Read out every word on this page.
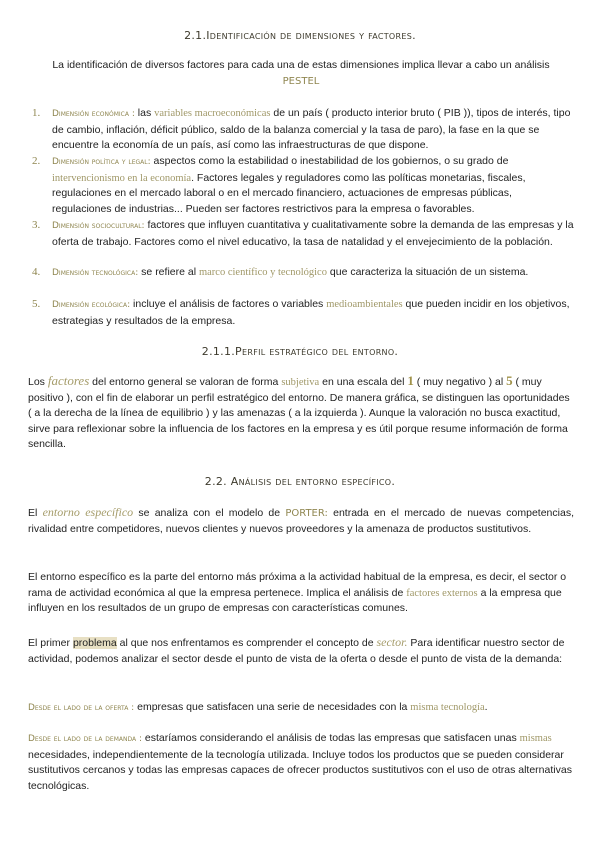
2.1.Identificación de dimensiones y factores.
La identificación de diversos factores para cada una de estas dimensiones implica llevar a cabo un análisis
PESTEL
1. Dimensión económica : las variables macroeconómicas de un país ( producto interior bruto ( PIB )), tipos de interés, tipo de cambio, inflación, déficit público, saldo de la balanza comercial y la tasa de paro), la fase en la que se encuentre la economía de un país, así como las infraestructuras de que dispone.
2. Dimensión política y legal: aspectos como la estabilidad o inestabilidad de los gobiernos, o su grado de intervencionismo en la economía. Factores legales y reguladores como las políticas monetarias, fiscales, regulaciones en el mercado laboral o en el mercado financiero, actuaciones de empresas públicas, regulaciones de industrias... Pueden ser factores restrictivos para la empresa o favorables.
3. Dimensión sociocultural: factores que influyen cuantitativa y cualitativamente sobre la demanda de las empresas y la oferta de trabajo. Factores como el nivel educativo, la tasa de natalidad y el envejecimiento de la población.
4. Dimensión tecnológica: se refiere al marco científico y tecnológico que caracteriza la situación de un sistema.
5. Dimensión ecológica: incluye el análisis de factores o variables medioambientales que pueden incidir en los objetivos, estrategias y resultados de la empresa.
2.1.1.Perfil estratégico del entorno.
Los factores del entorno general se valoran de forma subjetiva en una escala del 1 ( muy negativo ) al 5 ( muy positivo ), con el fin de elaborar un perfil estratégico del entorno. De manera gráfica, se distinguen las oportunidades ( a la derecha de la línea de equilibrio ) y las amenazas ( a la izquierda ). Aunque la valoración no busca exactitud, sirve para reflexionar sobre la influencia de los factores en la empresa y es útil porque resume información de forma sencilla.
2.2. Análisis del entorno específico.
El entorno específico se analiza con el modelo de PORTER: entrada en el mercado de nuevas competencias, rivalidad entre competidores, nuevos clientes y nuevos proveedores y la amenaza de productos sustitutivos.
El entorno específico es la parte del entorno más próxima a la actividad habitual de la empresa, es decir, el sector o rama de actividad económica al que la empresa pertenece. Implica el análisis de factores externos a la empresa que influyen en los resultados de un grupo de empresas con características comunes.
El primer problema al que nos enfrentamos es comprender el concepto de sector. Para identificar nuestro sector de actividad, podemos analizar el sector desde el punto de vista de la oferta o desde el punto de vista de la demanda:
Desde el lado de la oferta : empresas que satisfacen una serie de necesidades con la misma tecnología.
Desde el lado de la demanda : estaríamos considerando el análisis de todas las empresas que satisfacen unas mismas necesidades, independientemente de la tecnología utilizada. Incluye todos los productos que se pueden considerar sustitutivos cercanos y todas las empresas capaces de ofrecer productos sustitutivos con el uso de otras alternativas tecnológicas.
